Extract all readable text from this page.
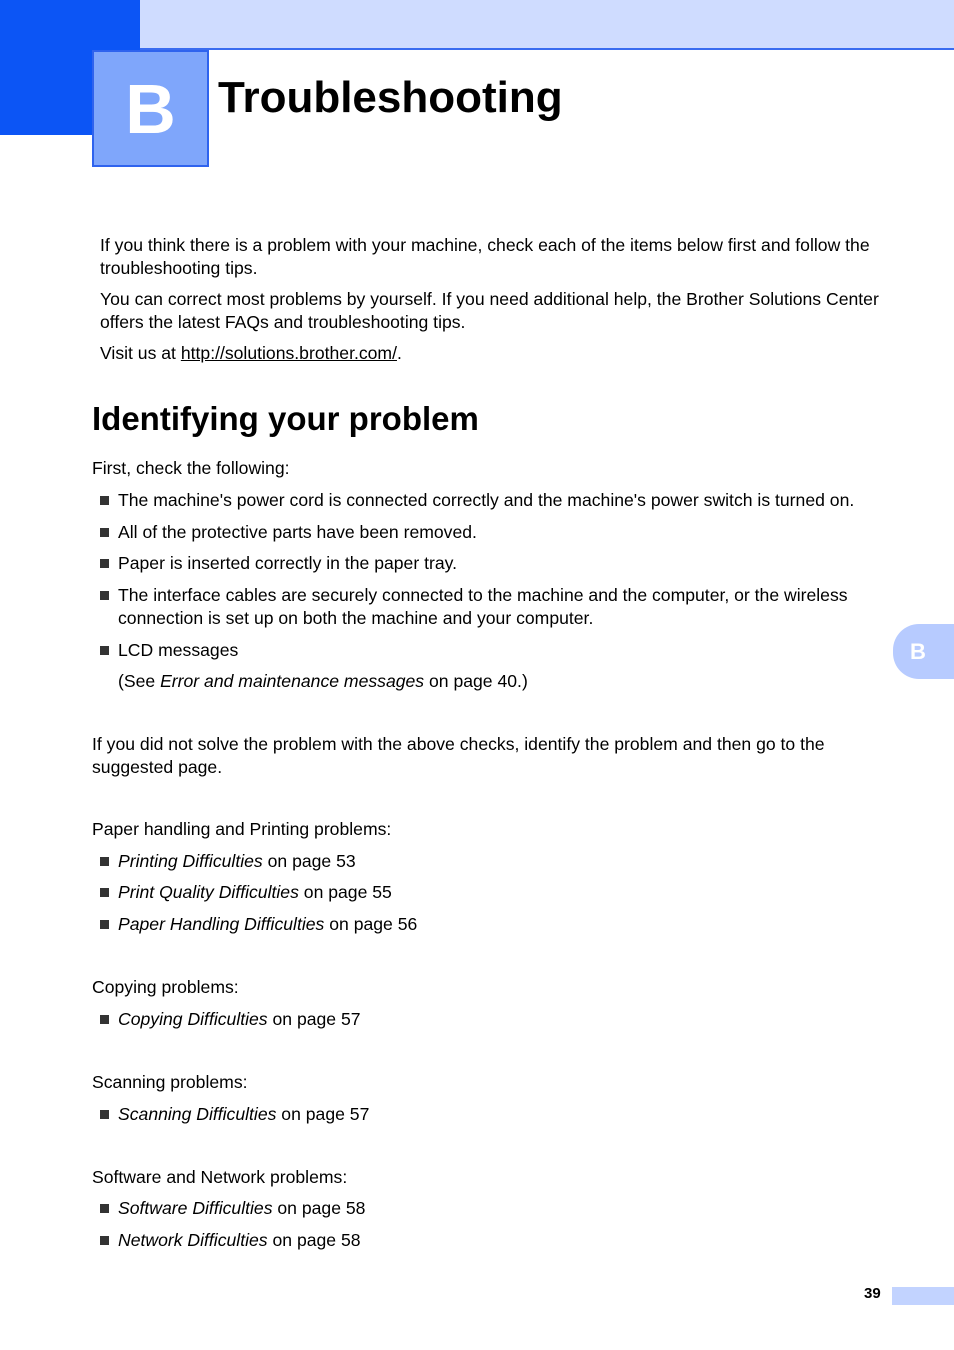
B Troubleshooting
B

If you think there is a problem with your machine, check each of the items below first and follow the troubleshooting tips.

You can correct most problems by yourself. If you need additional help, the Brother Solutions Center offers the latest FAQs and troubleshooting tips.

Visit us at http://solutions.brother.com/.

Identifying your problem

First, check the following:

The machine's power cord is connected correctly and the machine's power switch is turned on.
All of the protective parts have been removed.
Paper is inserted correctly in the paper tray.
The interface cables are securely connected to the machine and the computer, or the wireless connection is set up on both the machine and your computer.
LCD messages
(See Error and maintenance messages on page 40.)

If you did not solve the problem with the above checks, identify the problem and then go to the suggested page.

Paper handling and Printing problems:

Printing Difficulties on page 53
Print Quality Difficulties on page 55
Paper Handling Difficulties on page 56

Copying problems:

Copying Difficulties on page 57

Scanning problems:

Scanning Difficulties on page 57

Software and Network problems:

Software Difficulties on page 58
Network Difficulties on page 58
39
